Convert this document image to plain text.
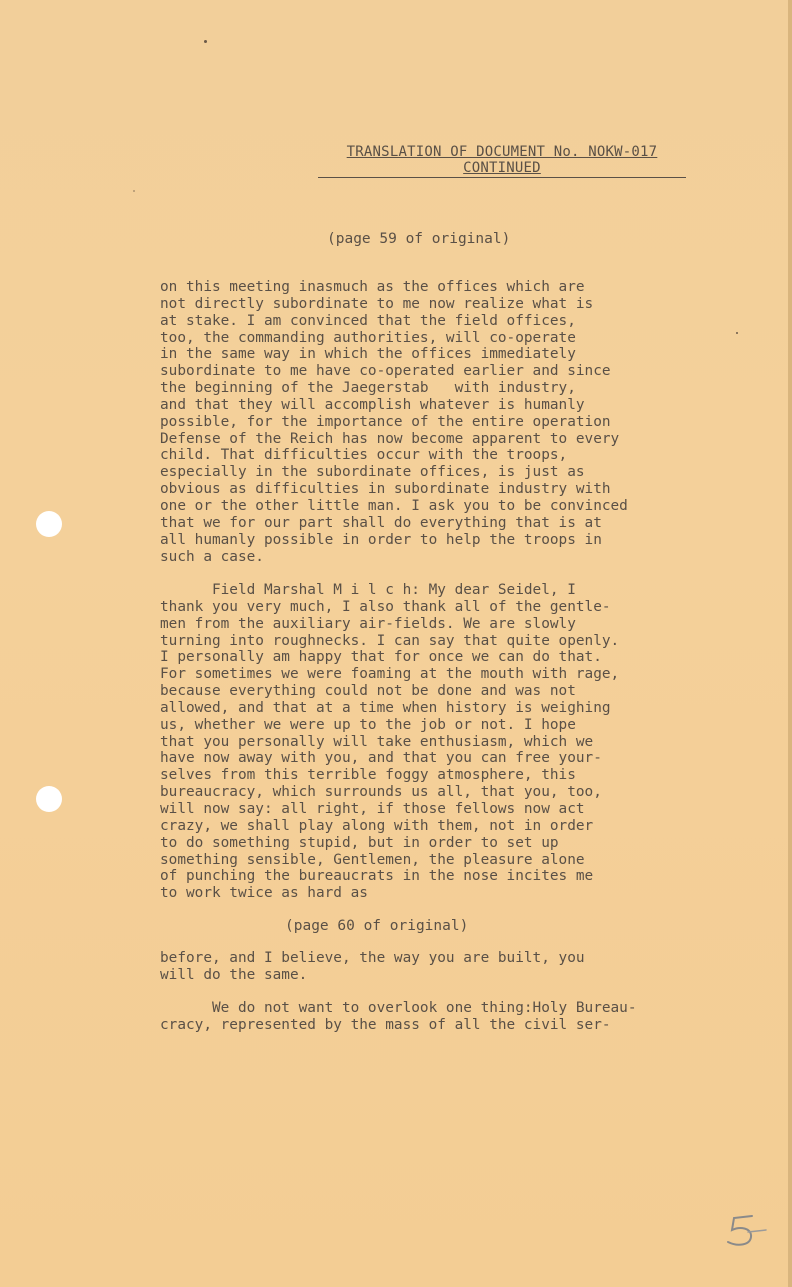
TRANSLATION OF DOCUMENT No. NOKW-017
CONTINUED
(page 59 of original)

on this meeting inasmuch as the offices which are
not directly subordinate to me now realize what is
at stake. I am convinced that the field offices,
too, the commanding authorities, will co-operate
in the same way in which the offices immediately
subordinate to me have co-operated earlier and since
the beginning of the Jaegerstab   with industry,
and that they will accomplish whatever is humanly
possible, for the importance of the entire operation
Defense of the Reich has now become apparent to every
child. That difficulties occur with the troops,
especially in the subordinate offices, is just as
obvious as difficulties in subordinate industry with
one or the other little man. I ask you to be convinced
that we for our part shall do everything that is at
all humanly possible in order to help the troops in
such a case.

Field Marshal M i l c h: My dear Seidel, I
thank you very much, I also thank all of the gentle-
men from the auxiliary air-fields. We are slowly
turning into roughnecks. I can say that quite openly.
I personally am happy that for once we can do that.
For sometimes we were foaming at the mouth with rage,
because everything could not be done and was not
allowed, and that at a time when history is weighing
us, whether we were up to the job or not. I hope
that you personally will take enthusiasm, which we
have now away with you, and that you can free your-
selves from this terrible foggy atmosphere, this
bureaucracy, which surrounds us all, that you, too,
will now say: all right, if those fellows now act
crazy, we shall play along with them, not in order
to do something stupid, but in order to set up
something sensible, Gentlemen, the pleasure alone
of punching the bureaucrats in the nose incites me
to work twice as hard as

(page 60 of original)

before, and I believe, the way you are built, you
will do the same.

We do not want to overlook one thing:Holy Bureau-
cracy, represented by the mass of all the civil ser-
